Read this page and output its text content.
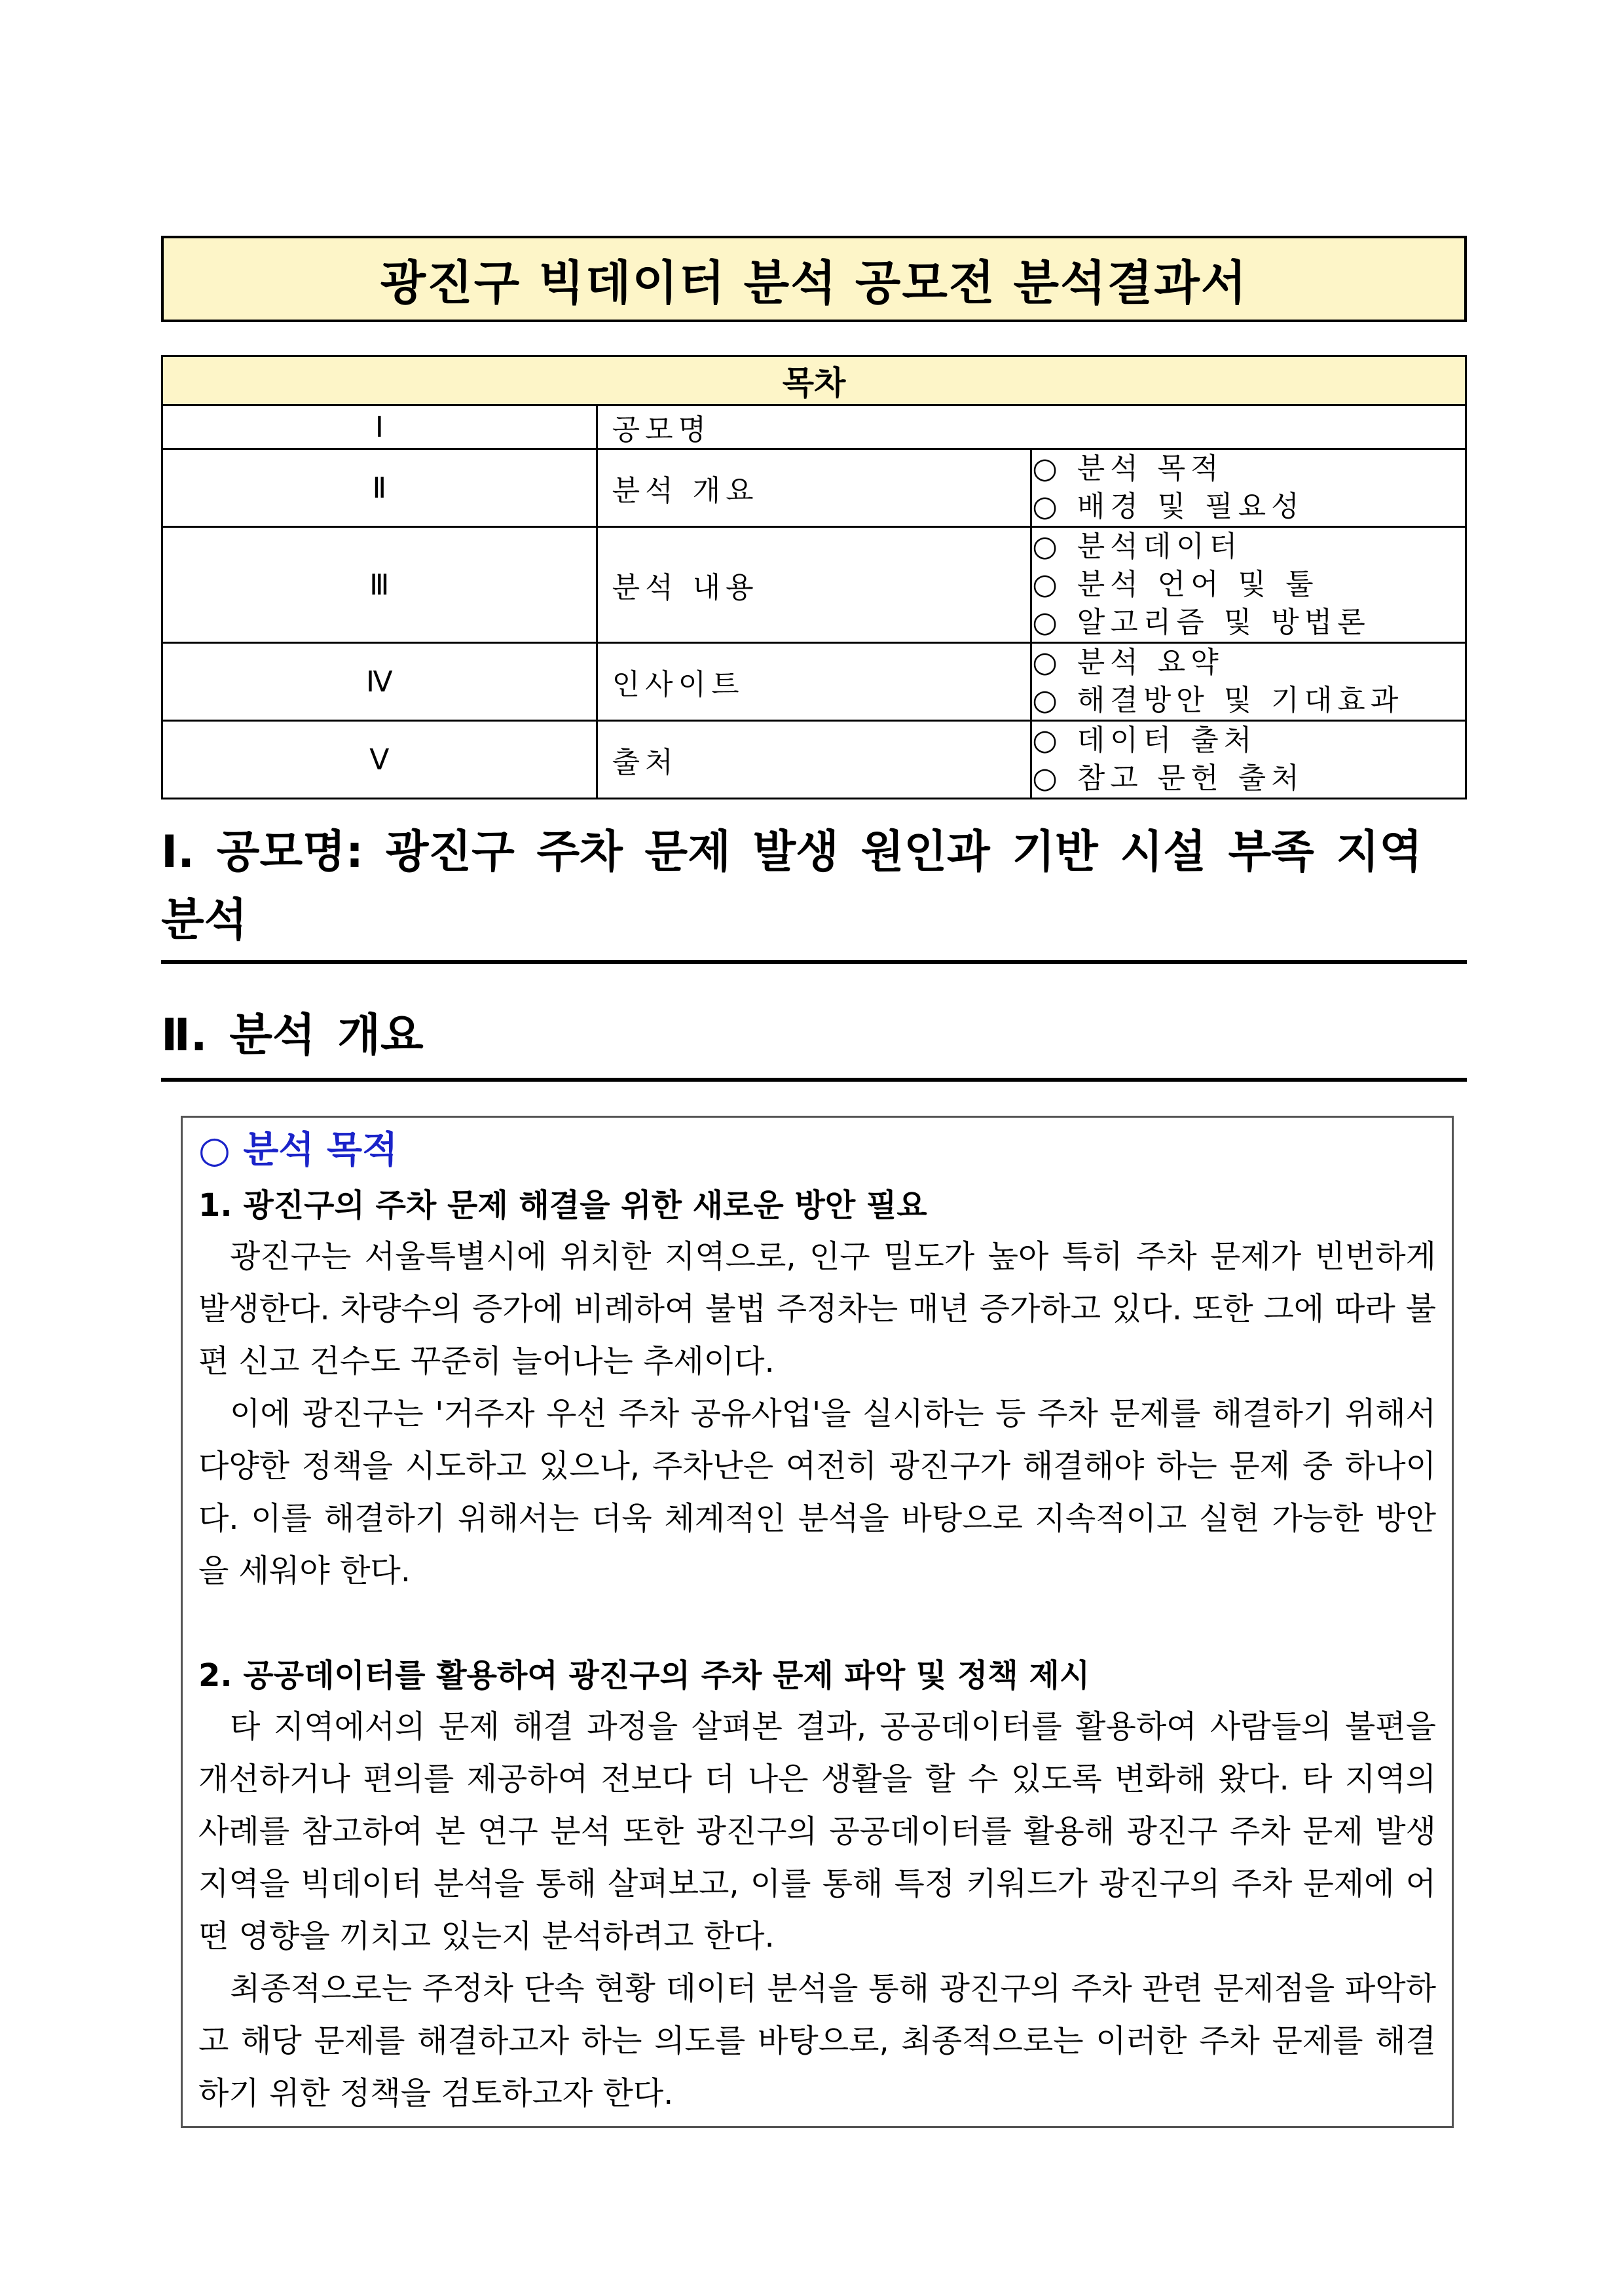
광진구 빅데이터 분석 공모전 분석결과서
목차		
Ⅰ	공모명	
Ⅱ	분석 개요	○ 분석 목적
○ 배경 및 필요성

Ⅲ	분석 내용	○ 분석데이터
○ 분석 언어 및 툴
○ 알고리즘 및 방법론

Ⅳ	인사이트	○ 분석 요약
○ 해결방안 및 기대효과

Ⅴ	출처	○ 데이터 출처
○ 참고 문헌 출처
Ⅰ. 공모명: 광진구 주차 문제 발생 원인과 기반 시설 부족 지역 분석
Ⅱ. 분석 개요
○ 분석 목적
1. 광진구의 주차 문제 해결을 위한 새로운 방안 필요

광진구는 서울특별시에 위치한 지역으로, 인구 밀도가 높아 특히 주차 문제가 빈번하게 발생한다. 차량수의 증가에 비례하여 불법 주정차는 매년 증가하고 있다. 또한 그에 따라 불편 신고 건수도 꾸준히 늘어나는 추세이다.

이에 광진구는 '거주자 우선 주차 공유사업'을 실시하는 등 주차 문제를 해결하기 위해서 다양한 정책을 시도하고 있으나, 주차난은 여전히 광진구가 해결해야 하는 문제 중 하나이다. 이를 해결하기 위해서는 더욱 체계적인 분석을 바탕으로 지속적이고 실현 가능한 방안을 세워야 한다.

2. 공공데이터를 활용하여 광진구의 주차 문제 파악 및 정책 제시

타 지역에서의 문제 해결 과정을 살펴본 결과, 공공데이터를 활용하여 사람들의 불편을 개선하거나 편의를 제공하여 전보다 더 나은 생활을 할 수 있도록 변화해 왔다. 타 지역의 사례를 참고하여 본 연구 분석 또한 광진구의 공공데이터를 활용해 광진구 주차 문제 발생 지역을 빅데이터 분석을 통해 살펴보고, 이를 통해 특정 키워드가 광진구의 주차 문제에 어떤 영향을 끼치고 있는지 분석하려고 한다.

최종적으로는 주정차 단속 현황 데이터 분석을 통해 광진구의 주차 관련 문제점을 파악하고 해당 문제를 해결하고자 하는 의도를 바탕으로, 최종적으로는 이러한 주차 문제를 해결하기 위한 정책을 검토하고자 한다.
